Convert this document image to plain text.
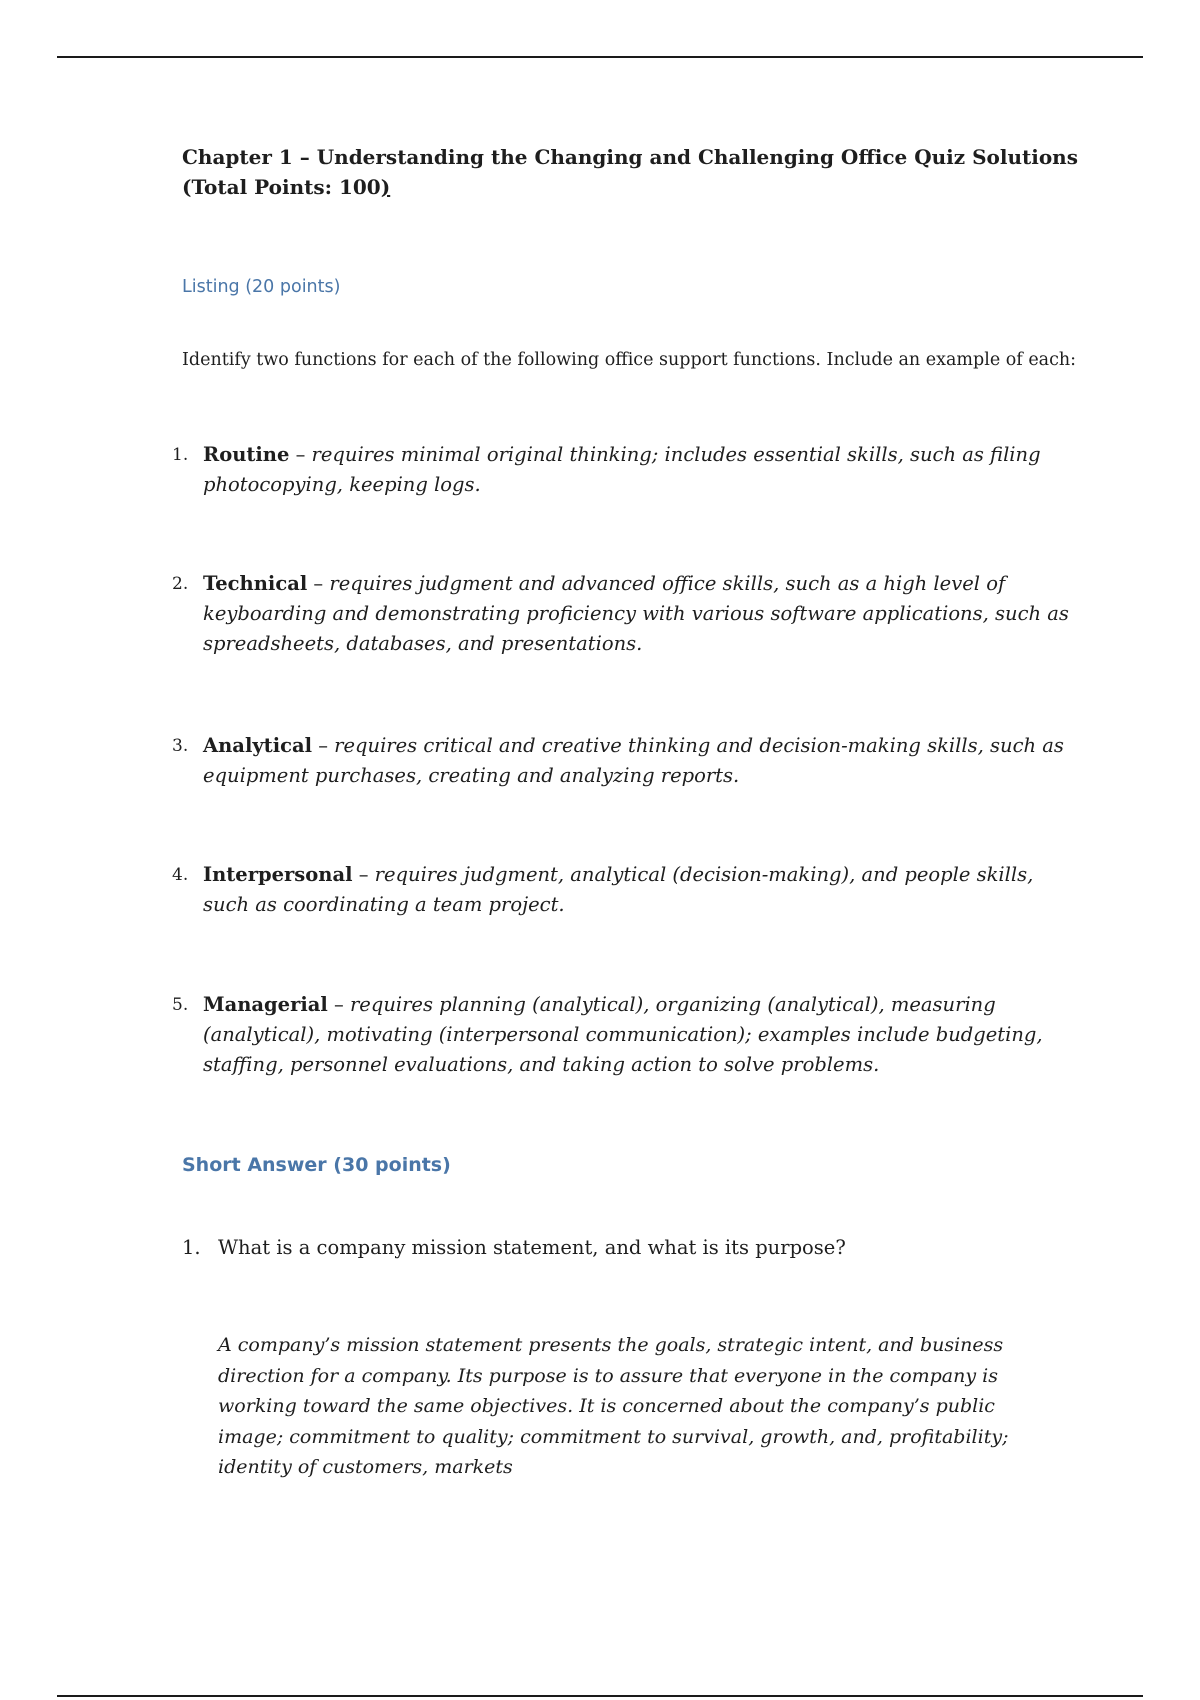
Chapter 1 – Understanding the Changing and Challenging Office Quiz Solutions (Total Points: 100)
Listing (20 points)

Identify two functions for each of the following office support functions. Include an example of each:

1. Routine – requires minimal original thinking; includes essential skills, such as filing photocopying, keeping logs.
2. Technical – requires judgment and advanced office skills, such as a high level of keyboarding and demonstrating proficiency with various software applications, such as spreadsheets, databases, and presentations.
3. Analytical – requires critical and creative thinking and decision-making skills, such as equipment purchases, creating and analyzing reports.
4. Interpersonal – requires judgment, analytical (decision-making), and people skills, such as coordinating a team project.
5. Managerial – requires planning (analytical), organizing (analytical), measuring (analytical), motivating (interpersonal communication); examples include budgeting, staffing, personnel evaluations, and taking action to solve problems.
Short Answer (30 points)
1. What is a company mission statement, and what is its purpose?

A company’s mission statement presents the goals, strategic intent, and business direction for a company. Its purpose is to assure that everyone in the company is working toward the same objectives. It is concerned about the company’s public image; commitment to quality; commitment to survival, growth, and, profitability; identity of customers, markets
